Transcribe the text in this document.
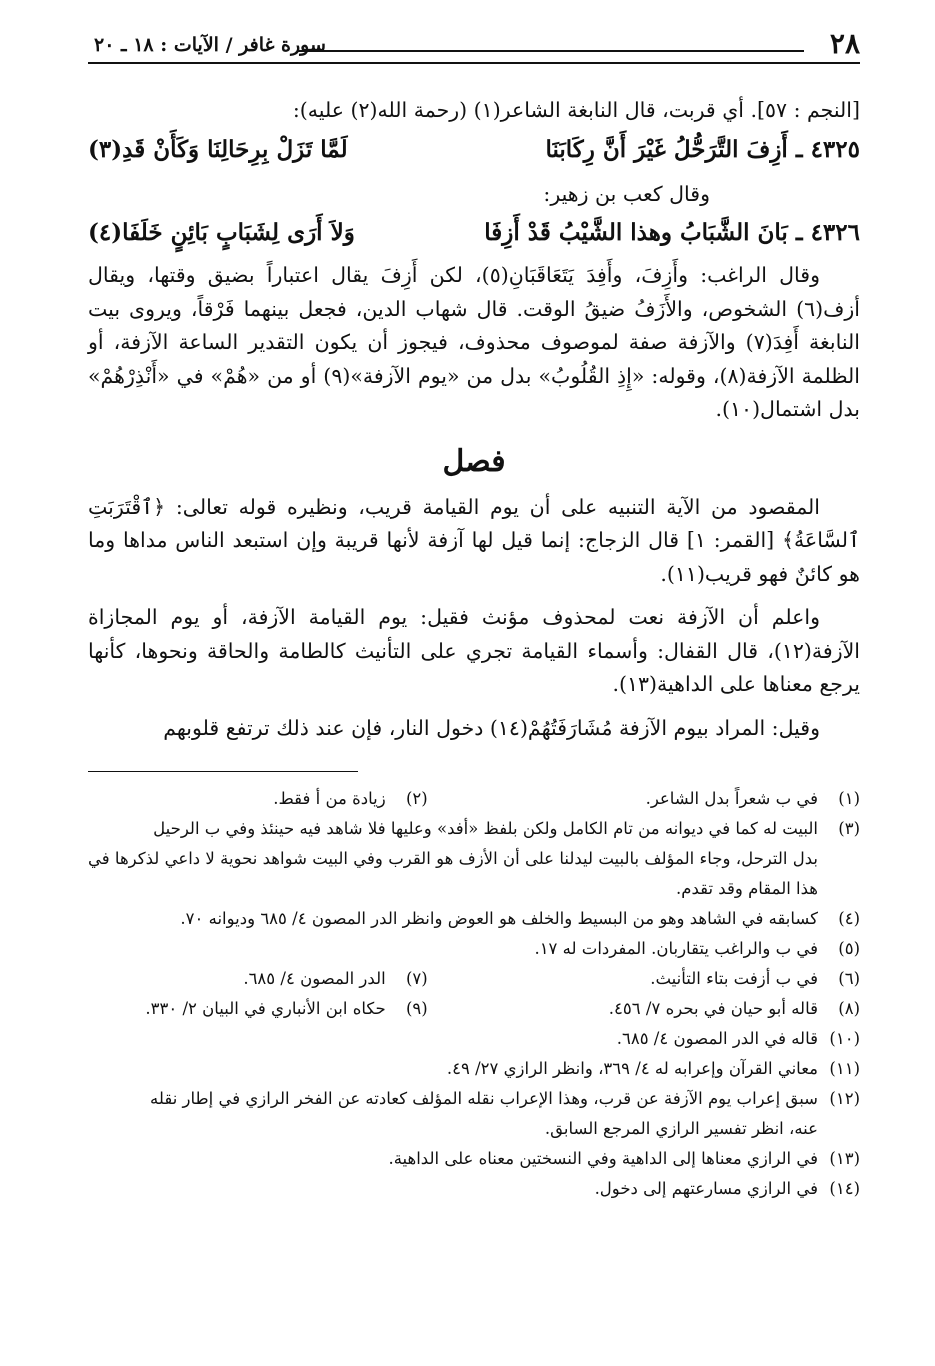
٢٨
سورة غافر / الآيات : ١٨ ـ ٢٠

[النجم : ٥٧]. أي قربت، قال النابغة الشاعر(١) (رحمة الله(٢) عليه):

٤٣٢٥ ـ أَزِفَ التَّرَحُّلُ غَيْرَ أَنَّ رِكَابَنَا
لَمَّا تَزَلْ بِرِحَالِنَا وَكَأَنْ قَدِ(٣)

وقال كعب بن زهير:

٤٣٢٦ ـ بَانَ الشَّبَابُ وهذا الشَّيْبُ قَدْ أَزِفَا
وَلاَ أَرَى لِشَبَابٍ بَائِنٍ خَلَفَا(٤)

وقال الراغب: وأَزِفَ، وأَفِدَ يَتَعَاقَبَانِ(٥)، لكن أَزِفَ يقال اعتباراً بضيق وقتها، ويقال أزف(٦) الشخوص، والأَزَفُ ضيقُ الوقت. قال شهاب الدين، فجعل بينهما فَرْقاً، ويروى بيت النابغة أَفِدَ(٧) والآزفة صفة لموصوف محذوف، فيجوز أن يكون التقدير الساعة الآزفة، أو الظلمة الآزفة(٨)، وقوله: «إِذِ القُلُوبُ» بدل من «يوم الآزفة»(٩) أو من «هُمْ» في «أَنْذِرْهُمْ» بدل اشتمال(١٠).

فصل

المقصود من الآية التنبيه على أن يوم القيامة قريب، ونظيره قوله تعالى: ﴿ٱقْتَرَبَتِ ٱلسَّاعَةُ﴾ [القمر: ١] قال الزجاج: إنما قيل لها آزفة لأنها قريبة وإن استبعد الناس مداها وما هو كائنٌ فهو قريب(١١).

واعلم أن الآزفة نعت لمحذوف مؤنث فقيل: يوم القيامة الآزفة، أو يوم المجازاة الآزفة(١٢)، قال القفال: وأسماء القيامة تجري على التأنيث كالطامة والحاقة ونحوها، كأنها يرجع معناها على الداهية(١٣).

وقيل: المراد بيوم الآزفة مُشَارَفَتُهُمْ(١٤) دخول النار، فإن عند ذلك ترتفع قلوبهم

(١)
في ب شعراً بدل الشاعر.
(٢)
زيادة من أ فقط.
(٣)
البيت له كما في ديوانه من تام الكامل ولكن بلفظ «أفد» وعليها فلا شاهد فيه حينئذ وفي ب الرحيل
بدل الترحل، وجاء المؤلف بالبيت ليدلنا على أن الأزف هو القرب وفي البيت شواهد نحوية لا داعي لذكرها في هذا المقام وقد تقدم.
(٤)
كسابقه في الشاهد وهو من البسيط والخلف هو العوض وانظر الدر المصون ٤/ ٦٨٥ وديوانه ٧٠.
(٥)
في ب والراغب يتقاربان. المفردات له ١٧.
(٦)
في ب أزفت بتاء التأنيث.
(٧)
الدر المصون ٤/ ٦٨٥.
(٨)
قاله أبو حيان في بحره ٧/ ٤٥٦.
(٩)
حكاه ابن الأنباري في البيان ٢/ ٣٣٠.
(١٠)
قاله في الدر المصون ٤/ ٦٨٥.
(١١)
معاني القرآن وإعرابه له ٤/ ٣٦٩، وانظر الرازي ٢٧/ ٤٩.
(١٢)
سبق إعراب يوم الآزفة عن قرب، وهذا الإعراب نقله المؤلف كعادته عن الفخر الرازي في إطار نقله
عنه، انظر تفسير الرازي المرجع السابق.
(١٣)
في الرازي معناها إلى الداهية وفي النسختين معناه على الداهية.
(١٤)
في الرازي مسارعتهم إلى دخول.
